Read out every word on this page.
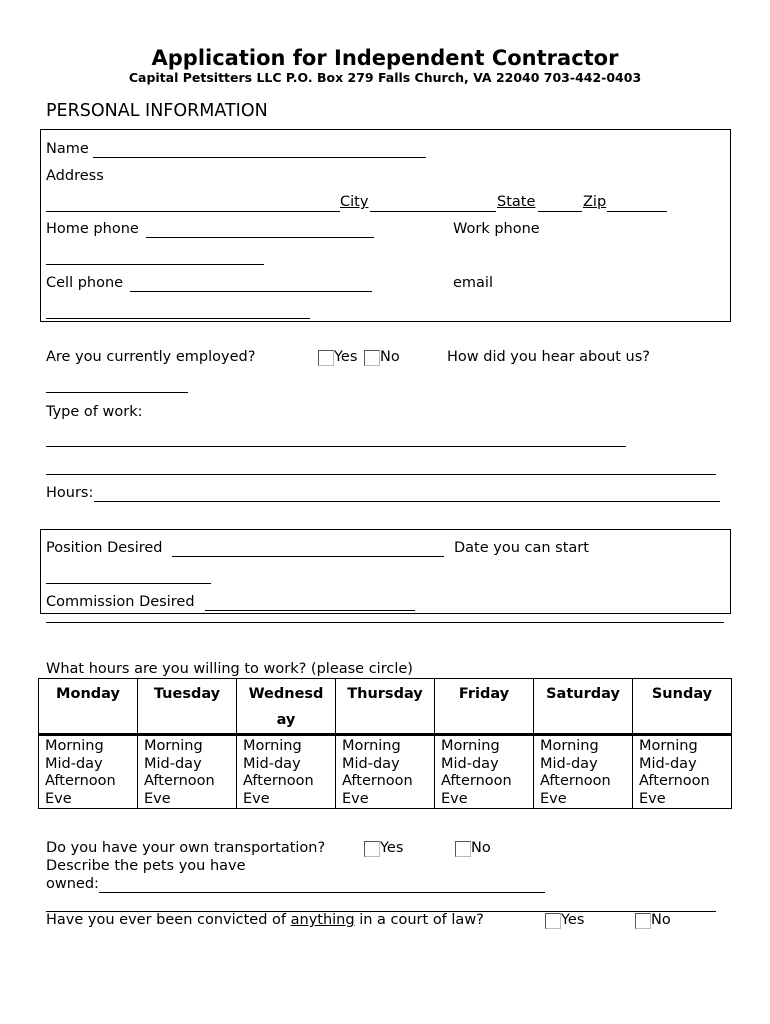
Application for Independent Contractor
Capital Petsitters LLC P.O. Box 279 Falls Church, VA 22040 703-442-0403
PERSONAL INFORMATION
Name
Address
City	State	Zip
Home phone	Work phone
Cell phone	email
Are you currently employed?	Yes No	How did you hear about us?
Type of work:
Hours:
Position Desired	Date you can start
Commission Desired
What hours are you willing to work? (please circle)
Monday	Tuesday	Wednesd ay	Thursday	Friday	Saturday	Sunday

Morning
Mid-day
Afternoon
Eve	Morning
Mid-day
Afternoon
Eve	Morning
Mid-day
Afternoon
Eve	Morning
Mid-day
Afternoon
Eve	Morning
Mid-day
Afternoon
Eve	Morning
Mid-day
Afternoon
Eve	Morning
Mid-day
Afternoon
Eve
Do you have your own transportation?	Yes	No
Describe the pets you have
owned:
Have you ever been convicted of anything in a court of law?	Yes	No
